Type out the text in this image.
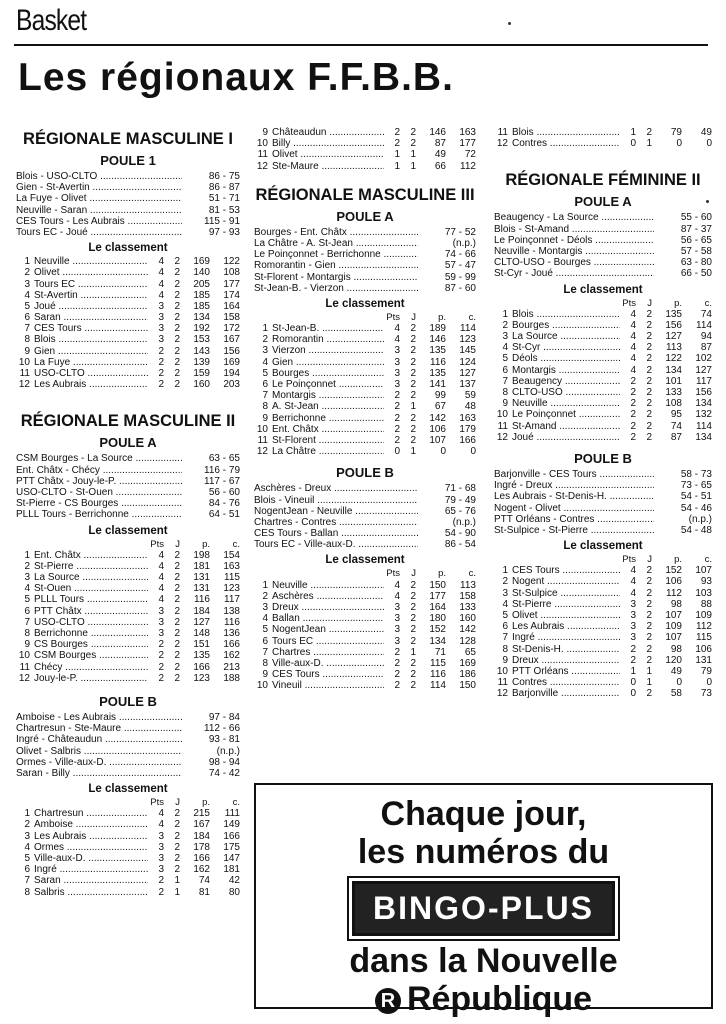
Basket
Les régionaux F.F.B.B.
RÉGIONALE MASCULINE I
POULE 1
Blois - USO-CLTO .....	86 - 75
Gien - St-Avertin .....	86 - 87
La Fuye - Olivet .....	51 - 71
Neuville - Saran .....	81 - 53
CES Tours - Les Aubrais .....	115 - 91
Tours EC - Joué .....	97 - 93
Le classement
1 Neuville .....	4	2	169	122
2 Olivet .....	4	2	140	108
3 Tours EC .....	4	2	205	177
4 St-Avertin .....	4	2	185	174
5 Joué .....	3	2	185	164
6 Saran .....	3	2	134	158
7 CES Tours .....	3	2	192	172
8 Blois .....	3	2	153	167
9 Gien .....	2	2	143	156
10 La Fuye .....	2	2	139	169
11 USO-CLTO .....	2	2	159	194
12 Les Aubrais .....	2	2	160	203
RÉGIONALE MASCULINE II
POULE A
CSM Bourges - La Source .....	63 - 65
Ent. Châtx - Chécy .....	116 - 79
PTT Châtx - Jouy-le-P. .....	117 - 67
USO-CLTO - St-Ouen .....	56 - 60
St-Pierre - CS Bourges .....	84 - 76
PLLL Tours - Berrichonne .....	64 - 51
Le classement
Pts	J	p.	c.
1 Ent. Châtx .....	4	2	198	154
2 St-Pierre .....	4	2	181	163
3 La Source .....	4	2	131	115
4 St-Ouen .....	4	2	131	123
5 PLLL Tours .....	4	2	116	117
6 PTT Châtx .....	3	2	184	138
7 USO-CLTO .....	3	2	127	116
8 Berrichonne .....	3	2	148	136
9 CS Bourges .....	2	2	151	166
10 CSM Bourges .....	2	2	135	162
11 Chécy .....	2	2	166	213
12 Jouy-le-P. .....	2	2	123	188
POULE B
Amboise - Les Aubrais .....	97 - 84
Chartresun - Ste-Maure .....	112 - 66
Ingré - Châteaudun .....	93 - 81
Olivet - Salbris .....	(n.p.)
Ormes - Ville-aux-D. .....	98 - 94
Saran - Billy .....	74 - 42
Le classement
Pts	J	p.	c.
1 Chartresun .....	4	2	215	111
2 Amboise .....	4	2	167	149
3 Les Aubrais .....	3	2	184	166
4 Ormes .....	3	2	178	175
5 Ville-aux-D. .....	3	2	166	147
6 Ingré .....	3	2	162	181
7 Saran .....	2	1	74	42
8 Salbris .....	2	1	81	80
9 Châteaudun .....	2	2	146	163
10 Billy .....	2	2	87	177
11 Olivet .....	1	1	49	72
12 Ste-Maure .....	1	1	66	112
RÉGIONALE MASCULINE III
POULE A
Bourges - Ent. Châtx .....	77 - 52
La Châtre - A. St-Jean .....	(n.p.)
Le Poinçonnet - Berrichonne .....	74 - 66
Romorantin - Gien .....	57 - 47
St-Florent - Montargis .....	59 - 99
St-Jean-B. - Vierzon .....	87 - 60
Le classement
Pts	J	p.	c.
1 St-Jean-B. .....	4	2	189	114
2 Romorantin .....	4	2	146	123
3 Vierzon .....	3	2	135	145
4 Gien .....	3	2	116	124
5 Bourges .....	3	2	135	127
6 Le Poinçonnet .....	3	2	141	137
7 Montargis .....	2	2	99	59
8 A. St-Jean .....	2	1	67	48
9 Berrichonne .....	2	2	142	163
10 Ent. Châtx .....	2	2	106	179
11 St-Florent .....	2	2	107	166
12 La Châtre .....	0	1	0	0
POULE B
Aschères - Dreux .....	71 - 68
Blois - Vineuil .....	79 - 49
NogentJean - Neuville .....	65 - 76
Chartres - Contres .....	(n.p.)
CES Tours - Ballan .....	54 - 90
Tours EC - Ville-aux-D. .....	86 - 54
Le classement
Pts	J	p.	c.
1 Neuville .....	4	2	150	113
2 Aschères .....	4	2	177	158
3 Dreux .....	3	2	164	133
4 Ballan .....	3	2	180	160
5 NogentJean .....	3	2	152	142
6 Tours EC .....	3	2	134	128
7 Chartres .....	2	1	71	65
8 Ville-aux-D. .....	2	2	115	169
9 CES Tours .....	2	2	116	186
10 Vineuil .....	2	2	114	150
11 Blois .....	1	2	79	49
12 Contres .....	0	1	0	0
RÉGIONALE FÉMININE II
POULE A
Beaugency - La Source .....	55 - 60
Blois - St-Amand .....	87 - 37
Le Poinçonnet - Déols .....	56 - 65
Neuville - Montargis .....	57 - 58
CLTO-USO - Bourges .....	63 - 80
St-Cyr - Joué .....	66 - 50
Le classement
Pts	J	p.	c.
1 Blois .....	4	2	135	74
2 Bourges .....	4	2	156	114
3 La Source .....	4	2	127	94
4 St-Cyr .....	4	2	113	87
5 Déols .....	4	2	122	102
6 Montargis .....	4	2	134	127
7 Beaugency .....	2	2	101	117
8 CLTO-USO .....	2	2	133	156
9 Neuville .....	2	2	108	134
10 Le Poinçonnet .....	2	2	95	132
11 St-Amand .....	2	2	74	114
12 Joué .....	2	2	87	134
POULE B
Barjonville - CES Tours .....	58 - 73
Ingré - Dreux .....	73 - 65
Les Aubrais - St-Denis-H. .....	54 - 51
Nogent - Olivet .....	54 - 46
PTT Orléans - Contres .....	(n.p.)
St-Sulpice - St-Pierre .....	54 - 48
Le classement
Pts	J	p.	c.
1 CES Tours .....	4	2	152	107
2 Nogent .....	4	2	106	93
3 St-Sulpice .....	4	2	112	103
4 St-Pierre .....	3	2	98	88
5 Olivet .....	3	2	107	109
6 Les Aubrais .....	3	2	109	112
7 Ingré .....	3	2	107	115
8 St-Denis-H. .....	2	2	98	106
9 Dreux .....	2	2	120	131
10 PTT Orléans .....	1	1	49	79
11 Contres .....	0	1	0	0
12 Barjonville .....	0	2	58	73
Chaque jour,
les numéros du
BINGO-PLUS
dans la Nouvelle
R République
